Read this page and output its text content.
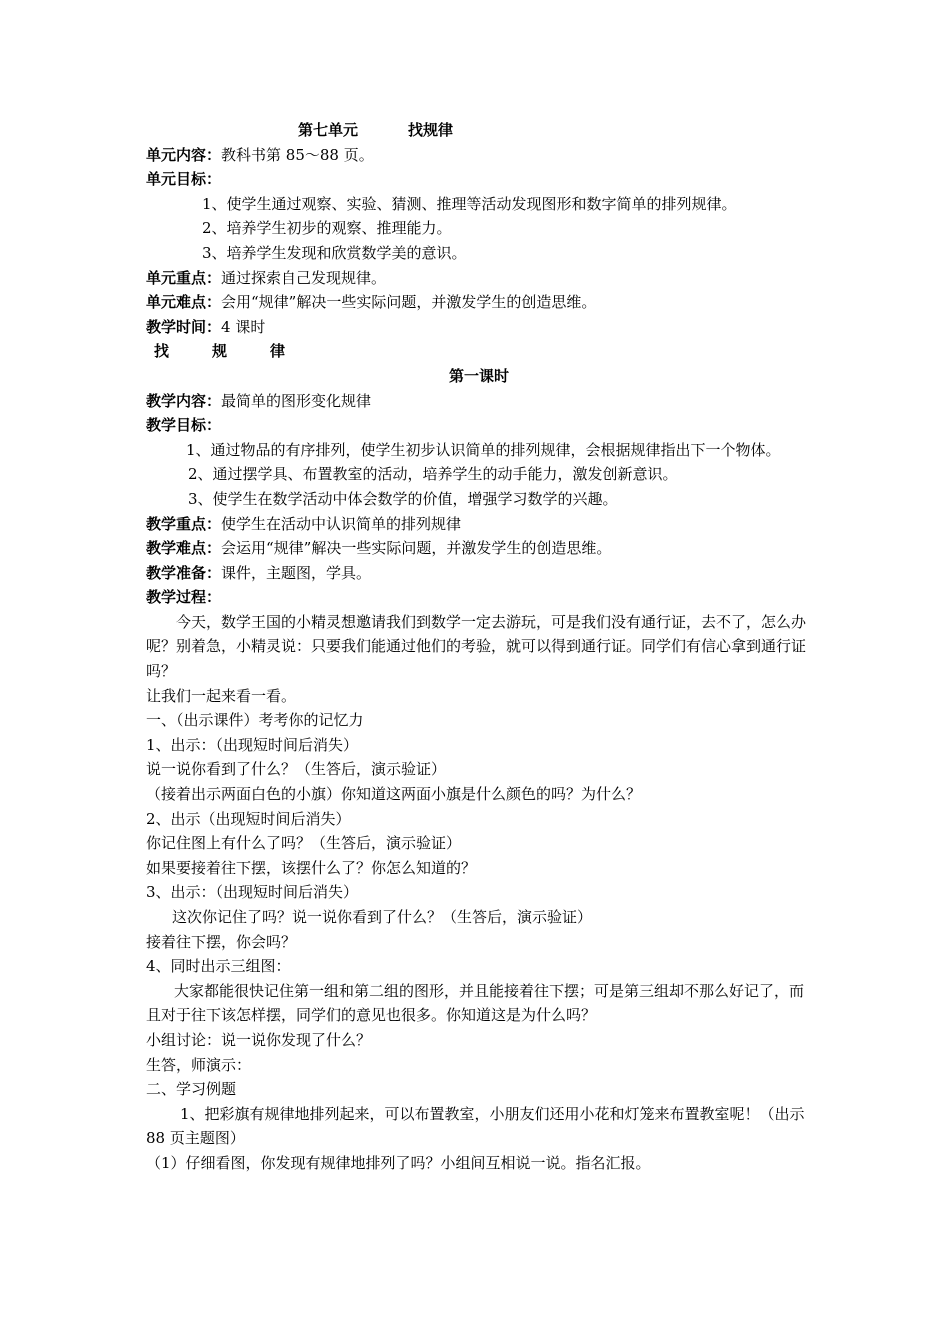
第七单元	找规律
单元内容：教科书第 85～88 页。
单元目标：
1、使学生通过观察、实验、猜测、推理等活动发现图形和数字简单的排列规律。
2、培养学生初步的观察、推理能力。
3、培养学生发现和欣赏数学美的意识。
单元重点：通过探索自己发现规律。
单元难点：会用“规律”解决一些实际问题，并激发学生的创造思维。
教学时间：4 课时
找　规　律
第一课时
教学内容：最简单的图形变化规律
教学目标：
1、通过物品的有序排列，使学生初步认识简单的排列规律，会根据规律指出下一个物体。
2、通过摆学具、布置教室的活动，培养学生的动手能力，激发创新意识。
3、使学生在数学活动中体会数学的价值，增强学习数学的兴趣。
教学重点：使学生在活动中认识简单的排列规律
教学难点：会运用“规律”解决一些实际问题，并激发学生的创造思维。
教学准备：课件，主题图，学具。
教学过程：
今天，数学王国的小精灵想邀请我们到数学一定去游玩，可是我们没有通行证，去不了，怎么办呢？别着急，小精灵说：只要我们能通过他们的考验，就可以得到通行证。同学们有信心拿到通行证吗？
让我们一起来看一看。
一、（出示课件）考考你的记忆力
1、出示：（出现短时间后消失）
说一说你看到了什么？（生答后，演示验证）
（接着出示两面白色的小旗）你知道这两面小旗是什么颜色的吗？为什么？
2、出示（出现短时间后消失）
你记住图上有什么了吗？（生答后，演示验证）
如果要接着往下摆，该摆什么了？你怎么知道的？
3、出示：（出现短时间后消失）
这次你记住了吗？说一说你看到了什么？（生答后，演示验证）
接着往下摆，你会吗？
4、同时出示三组图：
大家都能很快记住第一组和第二组的图形，并且能接着往下摆；可是第三组却不那么好记了，而且对于往下该怎样摆，同学们的意见也很多。你知道这是为什么吗？
小组讨论：说一说你发现了什么？
生答，师演示：
二、学习例题
1、把彩旗有规律地排列起来，可以布置教室，小朋友们还用小花和灯笼来布置教室呢！（出示 88 页主题图）
（1）仔细看图，你发现有规律地排列了吗？小组间互相说一说。指名汇报。
